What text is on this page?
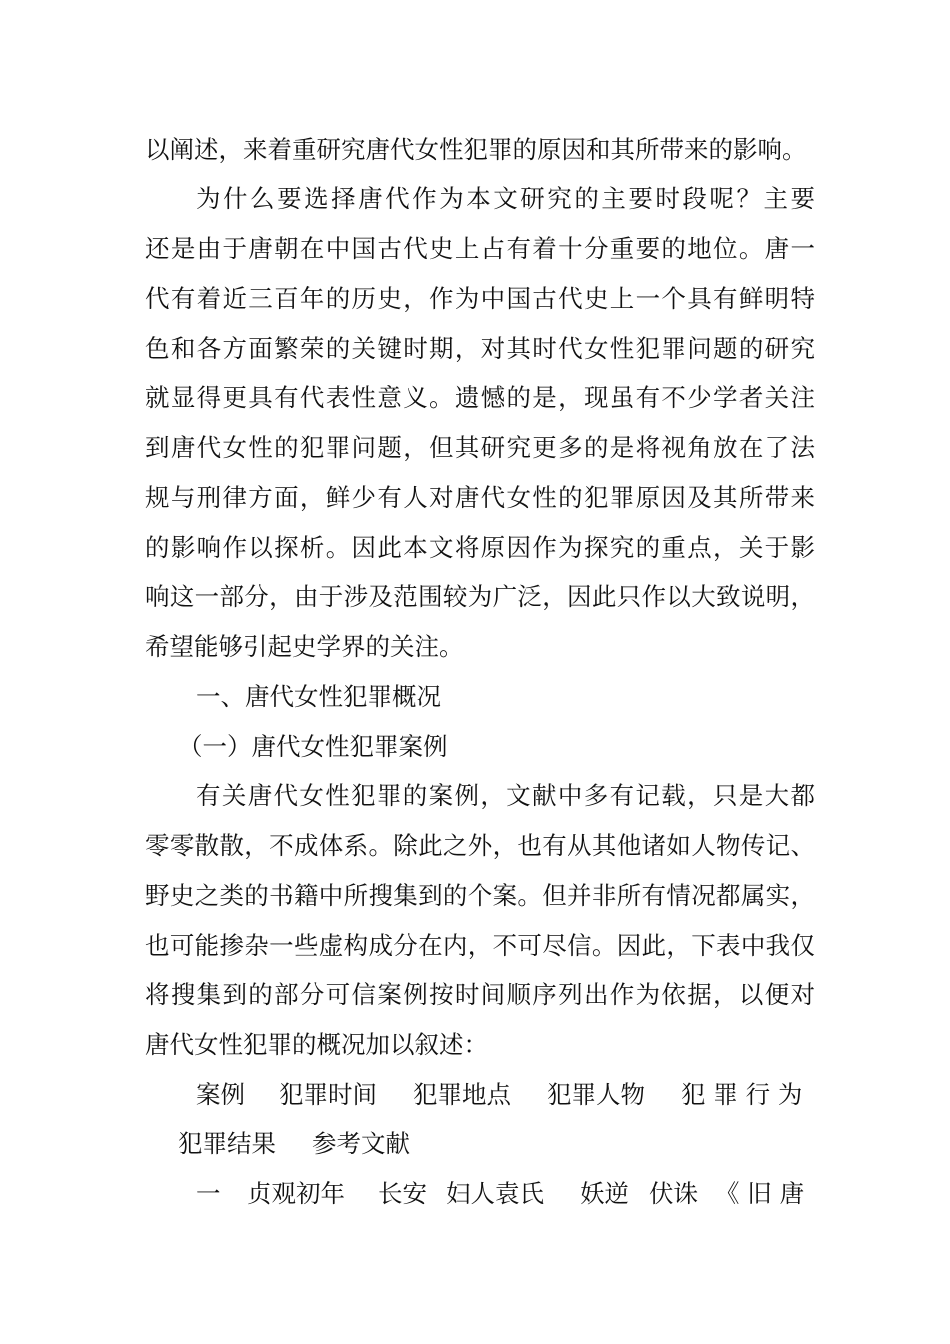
以阐述，来着重研究唐代女性犯罪的原因和其所带来的影响。
为什么要选择唐代作为本文研究的主要时段呢？主要
还是由于唐朝在中国古代史上占有着十分重要的地位。唐一
代有着近三百年的历史，作为中国古代史上一个具有鲜明特
色和各方面繁荣的关键时期，对其时代女性犯罪问题的研究
就显得更具有代表性意义。遗憾的是，现虽有不少学者关注
到唐代女性的犯罪问题，但其研究更多的是将视角放在了法
规与刑律方面，鲜少有人对唐代女性的犯罪原因及其所带来
的影响作以探析。因此本文将原因作为探究的重点，关于影
响这一部分，由于涉及范围较为广泛，因此只作以大致说明，
希望能够引起史学界的关注。
一、唐代女性犯罪概况
（一）唐代女性犯罪案例
有关唐代女性犯罪的案例，文献中多有记载，只是大都
零零散散，不成体系。除此之外，也有从其他诸如人物传记、
野史之类的书籍中所搜集到的个案。但并非所有情况都属实，
也可能掺杂一些虚构成分在内，不可尽信。因此，下表中我仅
将搜集到的部分可信案例按时间顺序列出作为依据，以便对
唐代女性犯罪的概况加以叙述：
案例 犯罪时间 犯罪地点 犯罪人物 犯 罪 行 为
犯罪结果 参考文献
一 贞观初年 长安 妇人袁氏 妖逆 伏诛 《 旧 唐
